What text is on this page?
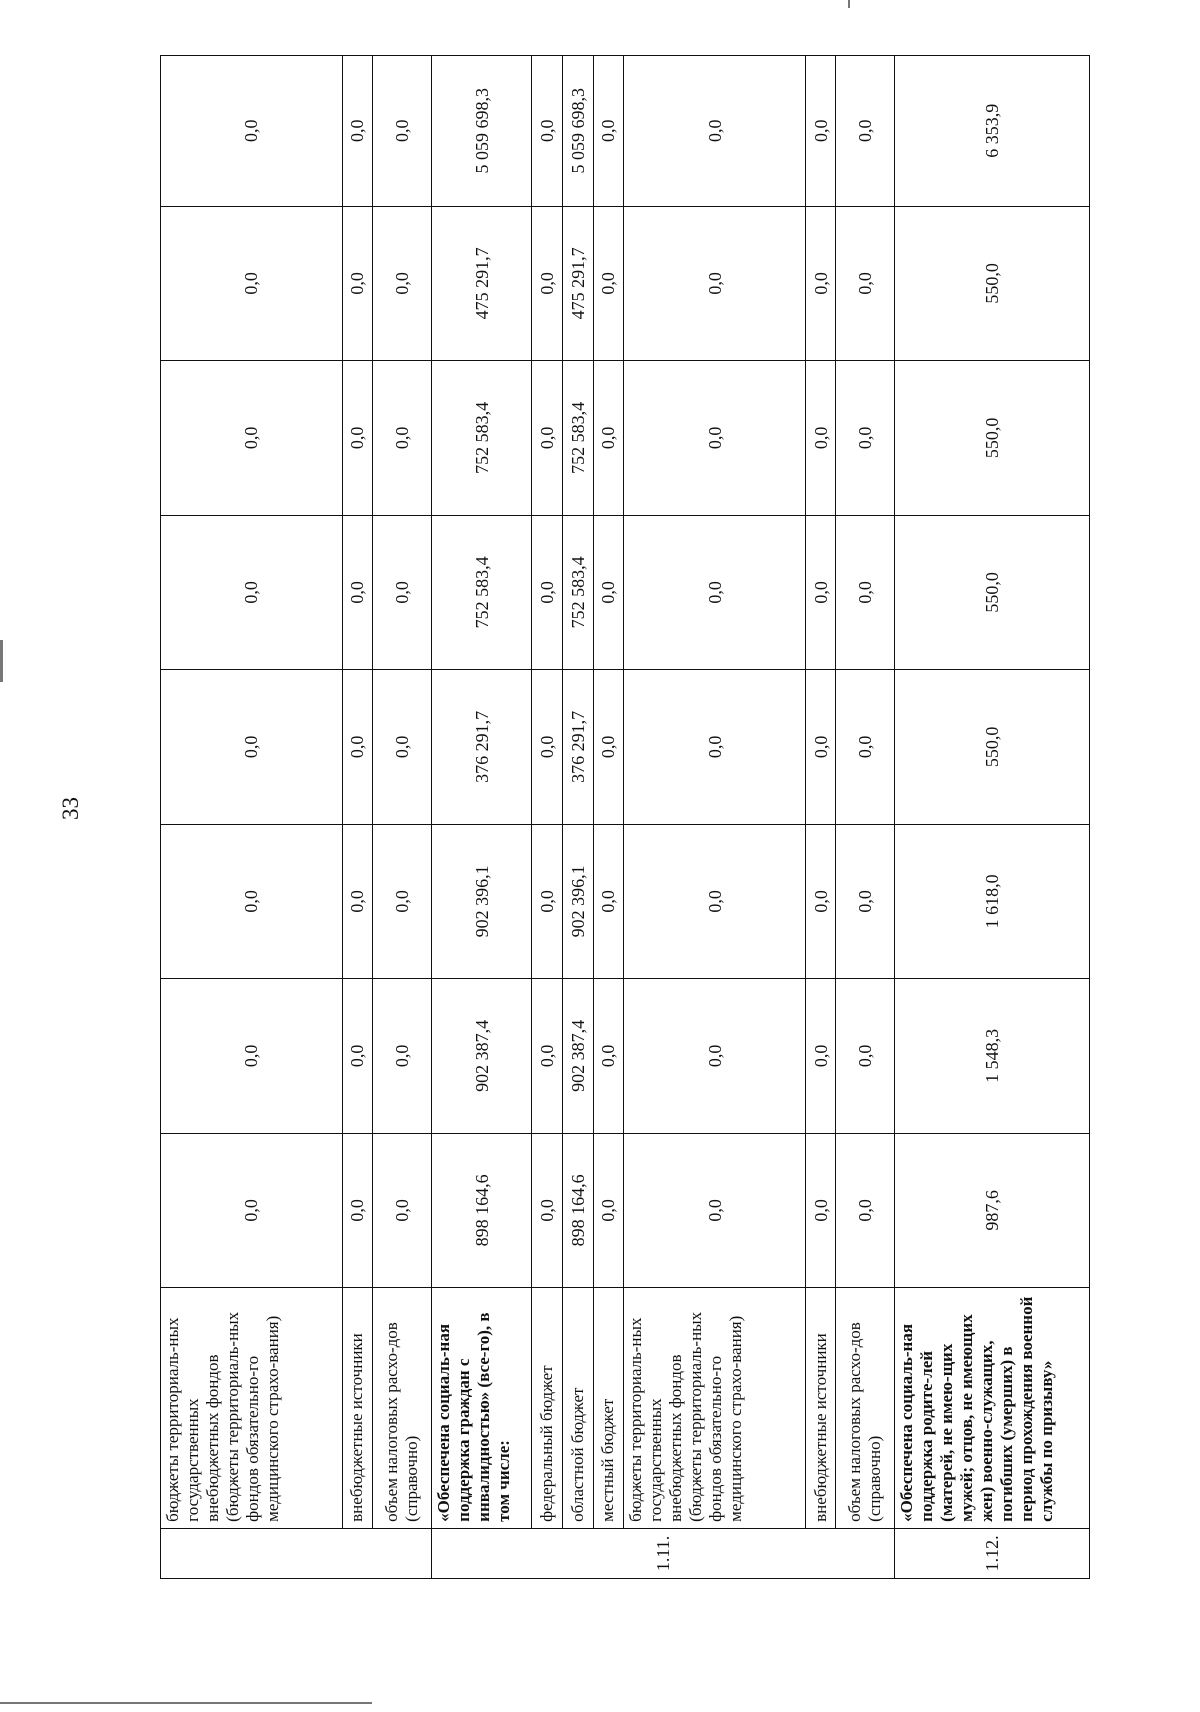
33
	бюджеты территориаль-ных государственных внебюджетных фондов (бюджеты территориаль-ных фондов обязательно-го медицинского страхо-вания)	0,0	0,0	0,0	0,0	0,0	0,0	0,0	0,0
	внебюджетные источники	0,0	0,0	0,0	0,0	0,0	0,0	0,0	0,0
	объем налоговых расхо-дов (справочно)	0,0	0,0	0,0	0,0	0,0	0,0	0,0	0,0
1.11.	«Обеспечена социаль-ная поддержка граждан с инвалидностью» (все-го), в том числе:	898 164,6	902 387,4	902 396,1	376 291,7	752 583,4	752 583,4	475 291,7	5 059 698,3
	федеральный бюджет	0,0	0,0	0,0	0,0	0,0	0,0	0,0	0,0
	областной бюджет	898 164,6	902 387,4	902 396,1	376 291,7	752 583,4	752 583,4	475 291,7	5 059 698,3
	местный бюджет	0,0	0,0	0,0	0,0	0,0	0,0	0,0	0,0
	бюджеты территориаль-ных государственных внебюджетных фондов (бюджеты территориаль-ных фондов обязательно-го медицинского страхо-вания)	0,0	0,0	0,0	0,0	0,0	0,0	0,0	0,0
	внебюджетные источники	0,0	0,0	0,0	0,0	0,0	0,0	0,0	0,0
	объем налоговых расхо-дов (справочно)	0,0	0,0	0,0	0,0	0,0	0,0	0,0	0,0
1.12.	«Обеспечена социаль-ная поддержка родите-лей (матерей, не имею-щих мужей; отцов, не имеющих жен) военно-служащих, погибших (умерших) в период прохождения военной службы по призыву»	987,6	1 548,3	1 618,0	550,0	550,0	550,0	550,0	6 353,9
